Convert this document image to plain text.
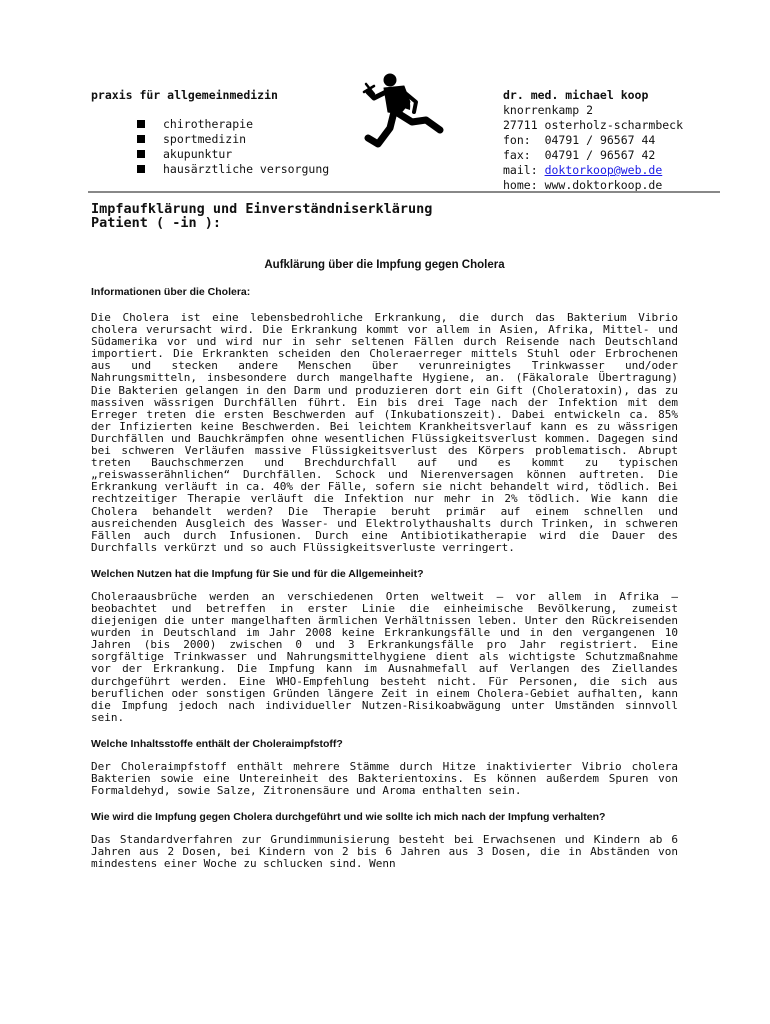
praxis für allgemeinmedizin
chirotherapie
sportmedizin
akupunktur
hausärztliche versorgung
dr. med. michael koop
knorrenkamp 2
27711 osterholz-scharmbeck
fon: 04791 / 96567 44
fax: 04791 / 96567 42
mail: doktorkoop@web.de
home: www.doktorkoop.de
Impfaufklärung und Einverständniserklärung
Patient ( -in ):
Aufklärung über die Impfung gegen Cholera
Informationen über die Cholera:
Die Cholera ist eine lebensbedrohliche Erkrankung, die durch das Bakterium Vibrio cholera verursacht wird. Die Erkrankung kommt vor allem in Asien, Afrika, Mittel- und Südamerika vor und wird nur in sehr seltenen Fällen durch Reisende nach Deutschland importiert. Die Erkrankten scheiden den Choleraerreger mittels Stuhl oder Erbrochenen aus und stecken andere Menschen über verunreinigtes Trinkwasser und/oder Nahrungsmitteln, insbesondere durch mangelhafte Hygiene, an. (Fäkalorale Übertragung) Die Bakterien gelangen in den Darm und produzieren dort ein Gift (Choleratoxin), das zu massiven wässrigen Durchfällen führt. Ein bis drei Tage nach der Infektion mit dem Erreger treten die ersten Beschwerden auf (Inkubationszeit). Dabei entwickeln ca. 85% der Infizierten keine Beschwerden. Bei leichtem Krankheitsverlauf kann es zu wässrigen Durchfällen und Bauchkrämpfen ohne wesentlichen Flüssigkeitsverlust kommen. Dagegen sind bei schweren Verläufen massive Flüssigkeitsverlust des Körpers problematisch. Abrupt treten Bauchschmerzen und Brechdurchfall auf und es kommt zu typischen „reiswasserähnlichen“ Durchfällen. Schock und Nierenversagen können auftreten. Die Erkrankung verläuft in ca. 40% der Fälle, sofern sie nicht behandelt wird, tödlich. Bei rechtzeitiger Therapie verläuft die Infektion nur mehr in 2% tödlich. Wie kann die Cholera behandelt werden? Die Therapie beruht primär auf einem schnellen und ausreichenden Ausgleich des Wasser- und Elektrolythaushalts durch Trinken, in schweren Fällen auch durch Infusionen. Durch eine Antibiotikatherapie wird die Dauer des Durchfalls verkürzt und so auch Flüssigkeitsverluste verringert.
Welchen Nutzen hat die Impfung für Sie und für die Allgemeinheit?
Choleraausbrüche werden an verschiedenen Orten weltweit – vor allem in Afrika – beobachtet und betreffen in erster Linie die einheimische Bevölkerung, zumeist diejenigen die unter mangelhaften ärmlichen Verhältnissen leben. Unter den Rückreisenden wurden in Deutschland im Jahr 2008 keine Erkrankungsfälle und in den vergangenen 10 Jahren (bis 2000) zwischen 0 und 3 Erkrankungsfälle pro Jahr registriert. Eine sorgfältige Trinkwasser und Nahrungsmittelhygiene dient als wichtigste Schutzmaßnahme vor der Erkrankung. Die Impfung kann im Ausnahmefall auf Verlangen des Ziellandes durchgeführt werden. Eine WHO-Empfehlung besteht nicht. Für Personen, die sich aus beruflichen oder sonstigen Gründen längere Zeit in einem Cholera-Gebiet aufhalten, kann die Impfung jedoch nach individueller Nutzen-Risikoabwägung unter Umständen sinnvoll sein.
Welche Inhaltsstoffe enthält der Choleraimpfstoff?
Der Choleraimpfstoff enthält mehrere Stämme durch Hitze inaktivierter Vibrio cholera Bakterien sowie eine Untereinheit des Bakterientoxins. Es können außerdem Spuren von Formaldehyd, sowie Salze, Zitronensäure und Aroma enthalten sein.
Wie wird die Impfung gegen Cholera durchgeführt und wie sollte ich mich nach der Impfung verhalten?
Das Standardverfahren zur Grundimmunisierung besteht bei Erwachsenen und Kindern ab 6 Jahren aus 2 Dosen, bei Kindern von 2 bis 6 Jahren aus 3 Dosen, die in Abständen von mindestens einer Woche zu schlucken sind. Wenn
